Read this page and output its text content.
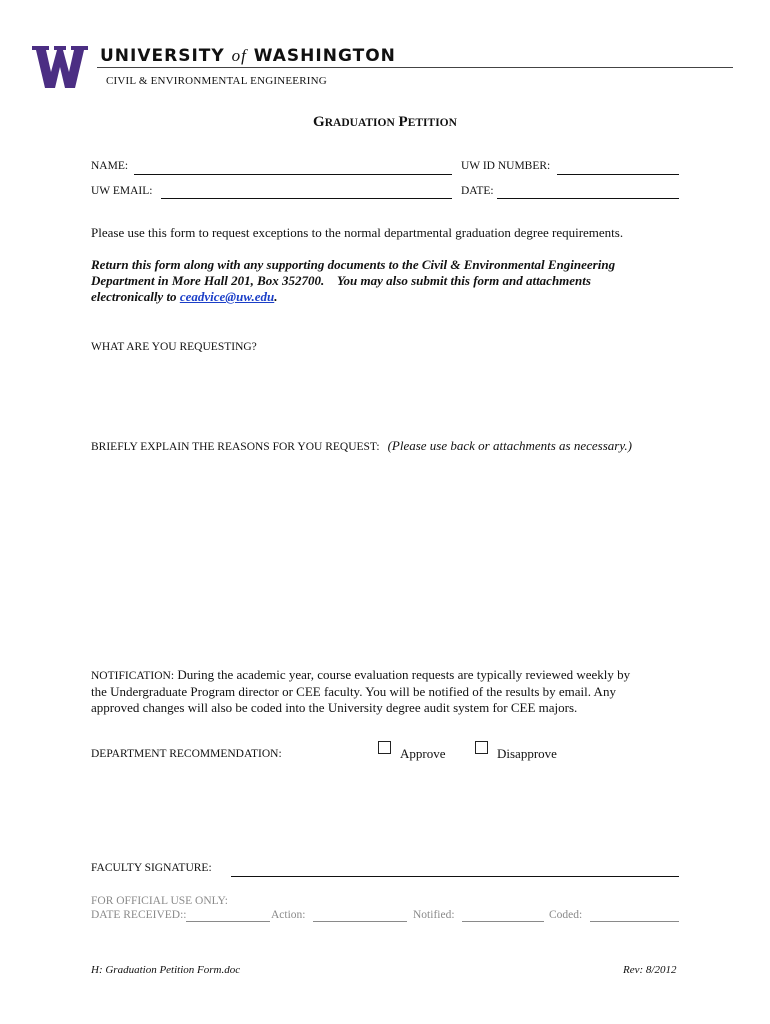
UNIVERSITY of WASHINGTON
CIVIL & ENVIRONMENTAL ENGINEERING
GRADUATION PETITION
NAME:	UW ID NUMBER:
UW EMAIL:	DATE:
Please use this form to request exceptions to the normal departmental graduation degree requirements.
Return this form along with any supporting documents to the Civil & Environmental Engineering
Department in More Hall 201, Box 352700.    You may also submit this form and attachments
electronically to ceadvice@uw.edu.
WHAT ARE YOU REQUESTING?
BRIEFLY EXPLAIN THE REASONS FOR YOU REQUEST: (Please use back or attachments as necessary.)
NOTIFICATION: During the academic year, course evaluation requests are typically reviewed weekly by
the Undergraduate Program director or CEE faculty. You will be notified of the results by email. Any
approved changes will also be coded into the University degree audit system for CEE majors.
DEPARTMENT RECOMMENDATION:	Approve	Disapprove
FACULTY SIGNATURE:
FOR OFFICIAL USE ONLY:
DATE RECEIVED::	Action:	Notified:	Coded:
H: Graduation Petition Form.doc	Rev: 8/2012
